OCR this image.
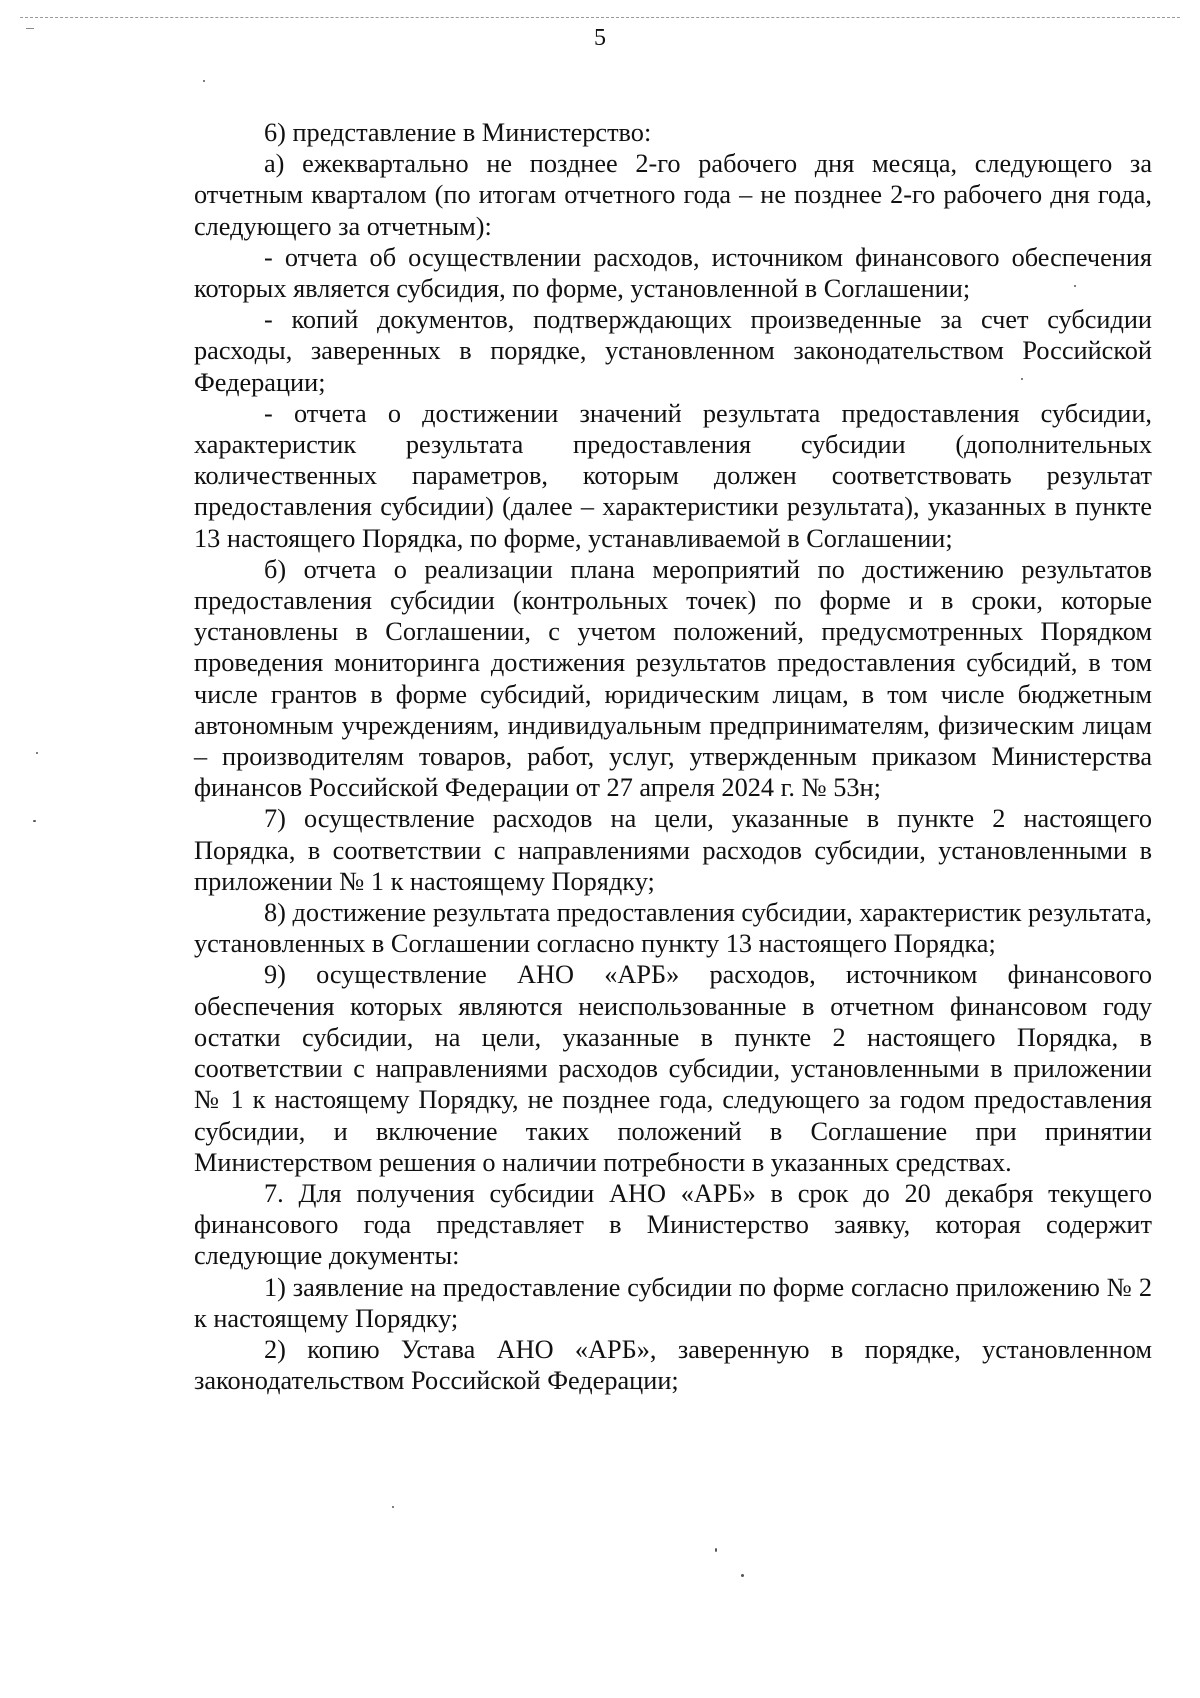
5

6) представление в Министерство:

а) ежеквартально не позднее 2-го рабочего дня месяца, следующего за отчетным кварталом (по итогам отчетного года – не позднее 2-го рабочего дня года, следующего за отчетным):

- отчета об осуществлении расходов, источником финансового обеспечения которых является субсидия, по форме, установленной в Соглашении;

- копий документов, подтверждающих произведенные за счет субсидии расходы, заверенных в порядке, установленном законодательством Российской Федерации;

- отчета о достижении значений результата предоставления субсидии, характеристик результата предоставления субсидии (дополнительных количественных параметров, которым должен соответствовать результат предоставления субсидии) (далее – характеристики результата), указанных в пункте 13 настоящего Порядка, по форме, устанавливаемой в Соглашении;

б) отчета о реализации плана мероприятий по достижению результатов предоставления субсидии (контрольных точек) по форме и в сроки, которые установлены в Соглашении, с учетом положений, предусмотренных Порядком проведения мониторинга достижения результатов предоставления субсидий, в том числе грантов в форме субсидий, юридическим лицам, в том числе бюджетным автономным учреждениям, индивидуальным предпринимателям, физическим лицам – производителям товаров, работ, услуг, утвержденным приказом Министерства финансов Российской Федерации от 27 апреля 2024 г. № 53н;

7) осуществление расходов на цели, указанные в пункте 2 настоящего Порядка, в соответствии с направлениями расходов субсидии, установленными в приложении № 1 к настоящему Порядку;

8) достижение результата предоставления субсидии, характеристик результата, установленных в Соглашении согласно пункту 13 настоящего Порядка;

9) осуществление АНО «АРБ» расходов, источником финансового обеспечения которых являются неиспользованные в отчетном финансовом году остатки субсидии, на цели, указанные в пункте 2 настоящего Порядка, в соответствии с направлениями расходов субсидии, установленными в приложении № 1 к настоящему Порядку, не позднее года, следующего за годом предоставления субсидии, и включение таких положений в Соглашение при принятии Министерством решения о наличии потребности в указанных средствах.

7. Для получения субсидии АНО «АРБ» в срок до 20 декабря текущего финансового года представляет в Министерство заявку, которая содержит следующие документы:

1) заявление на предоставление субсидии по форме согласно приложению № 2 к настоящему Порядку;

2) копию Устава АНО «АРБ», заверенную в порядке, установленном законодательством Российской Федерации;
